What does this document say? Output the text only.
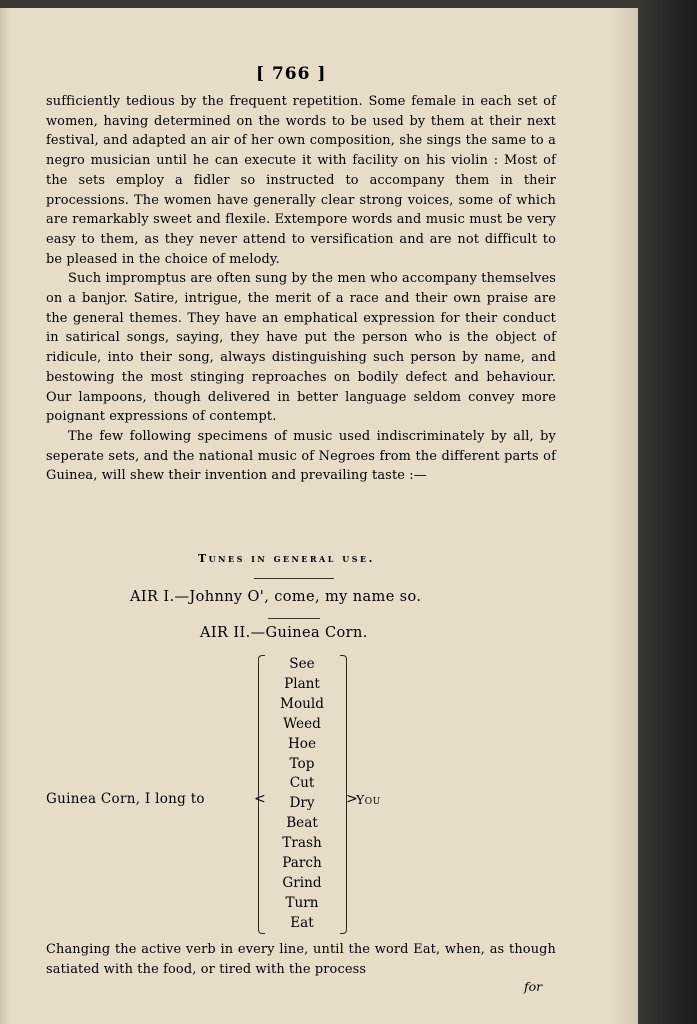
[ 766 ]

sufficiently tedious by the frequent repetition. Some female in each set of women, having determined on the words to be used by them at their next festival, and adapted an air of her own composition, she sings the same to a negro musician until he can execute it with facility on his violin : Most of the sets employ a fidler so instructed to accompany them in their processions. The women have generally clear strong voices, some of which are remarkably sweet and flexile. Extempore words and music must be very easy to them, as they never attend to versification and are not difficult to be pleased in the choice of melody.

Such impromptus are often sung by the men who accompany themselves on a banjor. Satire, intrigue, the merit of a race and their own praise are the general themes. They have an emphatical expression for their conduct in satirical songs, saying, they have put the person who is the object of ridicule, into their song, always distinguishing such person by name, and bestowing the most stinging reproaches on bodily defect and behaviour. Our lampoons, though delivered in better language seldom convey more poignant expressions of contempt.

The few following specimens of music used indiscriminately by all, by seperate sets, and the national music of Negroes from the different parts of Guinea, will shew their invention and prevailing taste :—

Tunes in general use.
AIR I.—Johnny O', come, my name so.
AIR II.—Guinea Corn.
See
Plant
Mould
Weed
Hoe
Top
Cut
Dry
Beat
Trash
Parch
Grind
Turn
Eat
Guinea Corn, I long to	<	>
You
Changing the active verb in every line, until the word Eat, when, as though satiated with the food, or tired with the process
for
